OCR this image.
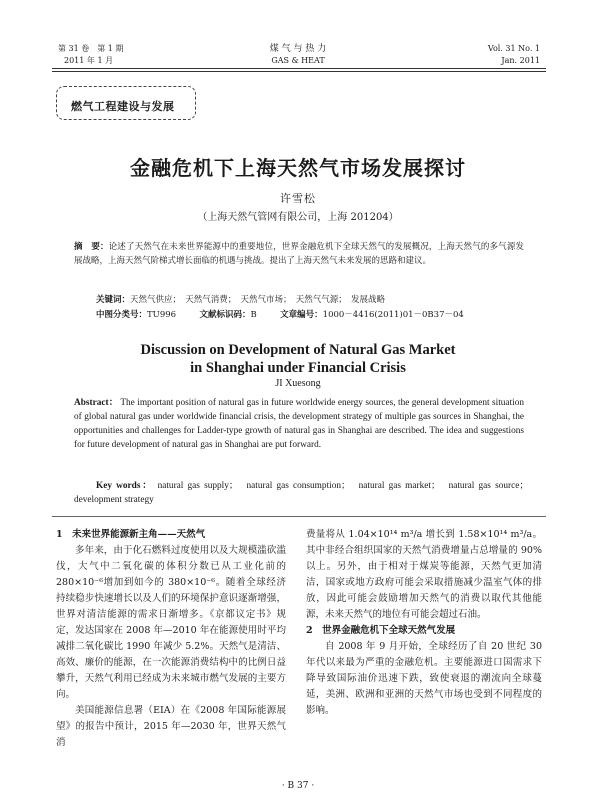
第 31 卷　第 1 期
2011 年 1 月
煤 气 与 热 力
GAS & HEAT
Vol. 31 No. 1
Jan. 2011
燃气工程建设与发展
金融危机下上海天然气市场发展探讨
许雪松
（上海天然气管网有限公司，上海 201204）
摘　要：论述了天然气在未来世界能源中的重要地位，世界金融危机下全球天然气的发展概况，上海天然气的多气源发展战略，上海天然气阶梯式增长面临的机遇与挑战。提出了上海天然气未来发展的思路和建议。
关键词：天然气供应；　天然气消费；　天然气市场；　天然气气源；　发展战略
中图分类号：TU996	文献标识码：B	文章编号：1000－4416(2011)01－0B37－04
Discussion on Development of Natural Gas Market
in Shanghai under Financial Crisis
JI Xuesong
Abstract： The important position of natural gas in future worldwide energy sources, the general development situation of global natural gas under worldwide financial crisis, the development strategy of multiple gas sources in Shanghai, the opportunities and challenges for Ladder-type growth of natural gas in Shanghai are described. The idea and suggestions for future development of natural gas in Shanghai are put forward.
Key words： natural gas supply；　natural gas consumption；　natural gas market；　natural gas source；　development strategy
1　未来世界能源新主角——天然气

多年来，由于化石燃料过度使用以及大规模滥砍滥伐，大气中二氧化碳的体积分数已从工业化前的 280×10⁻⁶增加到如今的 380×10⁻⁶。随着全球经济持续稳步快速增长以及人们的环境保护意识逐渐增强，世界对清洁能源的需求日渐增多。《京都议定书》规定，发达国家在 2008 年—2010 年在能源使用时平均减排二氧化碳比 1990 年减少 5.2%。天然气是清洁、高效、廉价的能源，在一次能源消费结构中的比例日益攀升，天然气利用已经成为未来城市燃气发展的主要方向。

美国能源信息署（EIA）在《2008 年国际能源展望》的报告中预计，2015 年—2030 年，世界天然气消

费量将从 1.04×10¹⁴ m³/a 增长到 1.58×10¹⁴ m³/a。其中非经合组织国家的天然气消费增量占总增量的 90%以上。另外，由于相对于煤炭等能源，天然气更加清洁，国家或地方政府可能会采取措施减少温室气体的排放，因此可能会鼓励增加天然气的消费以取代其他能源，未来天然气的地位有可能会超过石油。

2　世界金融危机下全球天然气发展

自 2008 年 9 月开始，全球经历了自 20 世纪 30 年代以来最为严重的金融危机。主要能源进口国需求下降导致国际油价迅速下跌，致使衰退的潮流向全球蔓延，美洲、欧洲和亚洲的天然气市场也受到不同程度的影响。

· B 37 ·
